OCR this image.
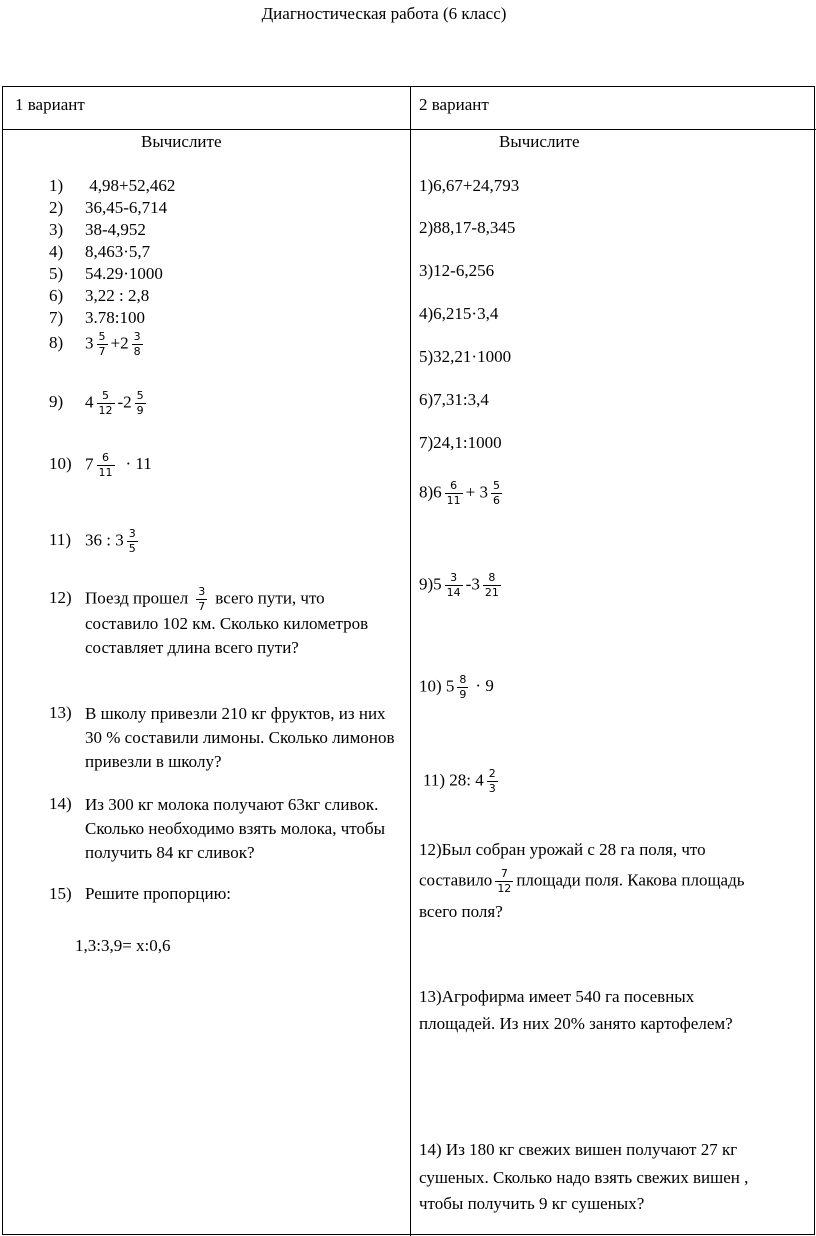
Диагностическая работа (6 класс)
1 вариант	2 вариант
Вычислите
1) 4,98+52,462
2) 36,45-6,714
3) 38-4,952
4) 8,463·5,7
5) 54.29·1000
6) 3,22 : 2,8
7) 3.78:100
8) $3 \frac{5}{7} +2 \frac{3}{8}$
9) $4 \frac{5}{12} -2 \frac{5}{9}$
10) $7 \frac{6}{11} \cdot 11$
11) 36 : $3 \frac{3}{5}$
12) Поезд прошел $\frac{3}{7}$ всего пути, что
составило 102 км. Сколько километров составляет длина всего пути?
13) В школу привезли 210 кг фруктов, из них 30 % составили лимоны. Сколько лимонов привезли в школу?
14) Из 300 кг молока получают 63кг сливок. Сколько необходимо взять молока, чтобы получить 84 кг сливок?
15) Решите пропорцию:
1,3:3,9= х:0,6
Вычислите
1)6,67+24,793
2)88,17-8,345
3)12-6,256
4)6,215·3,4
5)32,21·1000
6)7,31:3,4
7)24,1:1000
$8)6 \frac{6}{11} + 3 \frac{5}{6}$
$9)5 \frac{3}{14} -3 \frac{8}{21}$
10) $5 \frac{8}{9} \cdot 9$
11) 28: $4 \frac{2}{3}$
12)Был собран урожай с 28 га поля, что
составило $\frac{7}{12}$ площади поля. Какова площадь
всего поля?
13)Агрофирма имеет 540 га посевных
площадей. Из них 20% занято картофелем?
14) Из 180 кг свежих вишен получают 27 кг
сушеных. Сколько надо взять свежих вишен ,
чтобы получить 9 кг сушеных?
